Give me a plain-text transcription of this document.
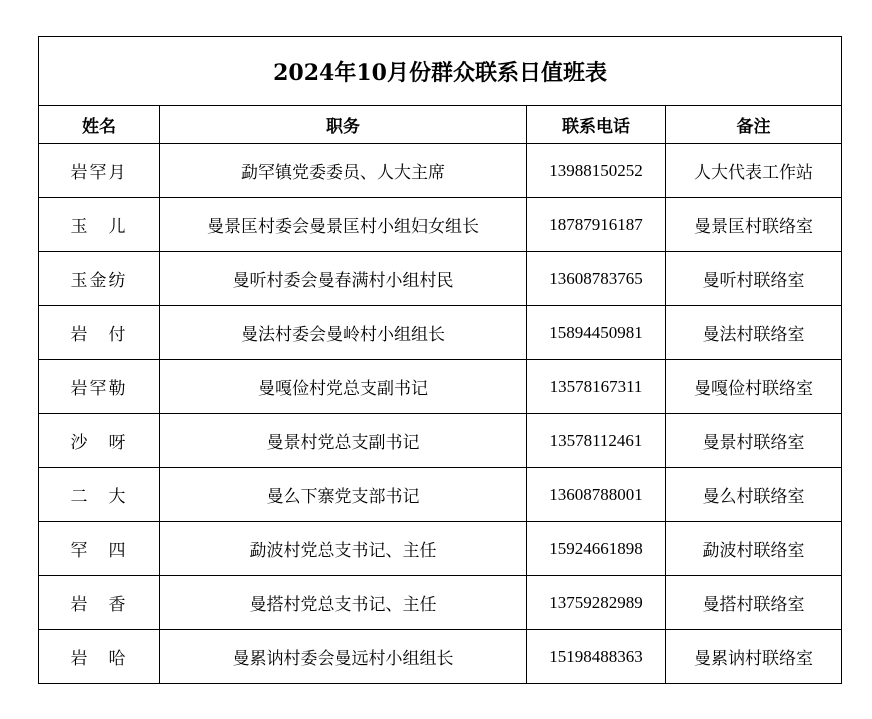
2024年10月份群众联系日值班表			
姓名	职务	联系电话	备注
岩罕月	勐罕镇党委委员、人大主席	13988150252	人大代表工作站
玉　儿	曼景匡村委会曼景匡村小组妇女组长	18787916187	曼景匡村联络室
玉金纺	曼听村委会曼春满村小组村民	13608783765	曼听村联络室
岩　付	曼法村委会曼岭村小组组长	15894450981	曼法村联络室
岩罕勒	曼嘎俭村党总支副书记	13578167311	曼嘎俭村联络室
沙　呀	曼景村党总支副书记	13578112461	曼景村联络室
二　大	曼么下寨党支部书记	13608788001	曼么村联络室
罕　四	勐波村党总支书记、主任	15924661898	勐波村联络室
岩　香	曼搭村党总支书记、主任	13759282989	曼搭村联络室
岩　哈	曼累讷村委会曼远村小组组长	15198488363	曼累讷村联络室
